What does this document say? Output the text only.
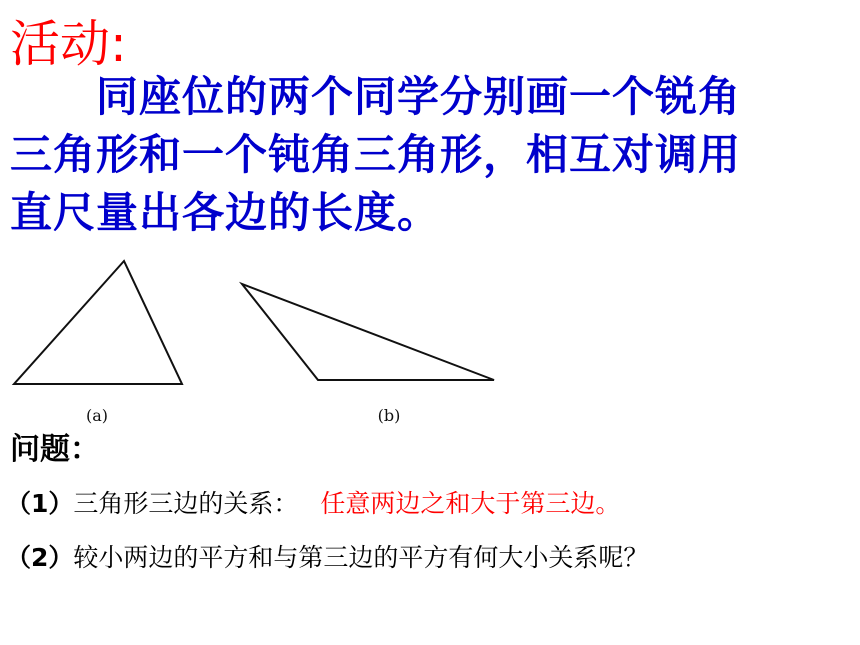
活动:
同座位的两个同学分别画一个锐角
三角形和一个钝角三角形，相互对调用
直尺量出各边的长度。
(a)	(b)
问题：
（1）三角形三边的关系： 任意两边之和大于第三边。
（2）较小两边的平方和与第三边的平方有何大小关系呢？
